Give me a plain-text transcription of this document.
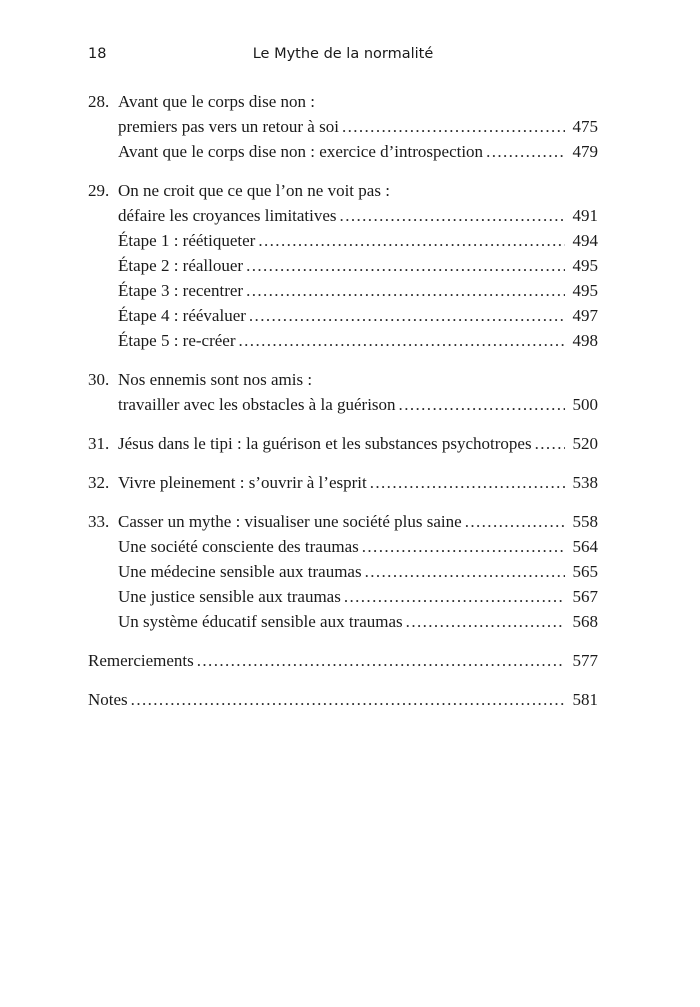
18	Le Mythe de la normalité
28. Avant que le corps dise non :
premiers pas vers un retour à soi .....	475
Avant que le corps dise non : exercice d’introspection .....	479
29. On ne croit que ce que l’on ne voit pas :
défaire les croyances limitatives .....	491
Étape 1 : réétiqueter .....	494
Étape 2 : réallouer .....	495
Étape 3 : recentrer .....	495
Étape 4 : réévaluer .....	497
Étape 5 : re-créer .....	498
30. Nos ennemis sont nos amis :
travailler avec les obstacles à la guérison .....	500
31. Jésus dans le tipi : la guérison et les substances psychotropes ..... 520
32. Vivre pleinement : s’ouvrir à l’esprit .....	538
33. Casser un mythe : visualiser une société plus saine .....	558
Une société consciente des traumas .....	564
Une médecine sensible aux traumas .....	565
Une justice sensible aux traumas .....	567
Un système éducatif sensible aux traumas .....	568
Remerciements .....	577
Notes .....	581
